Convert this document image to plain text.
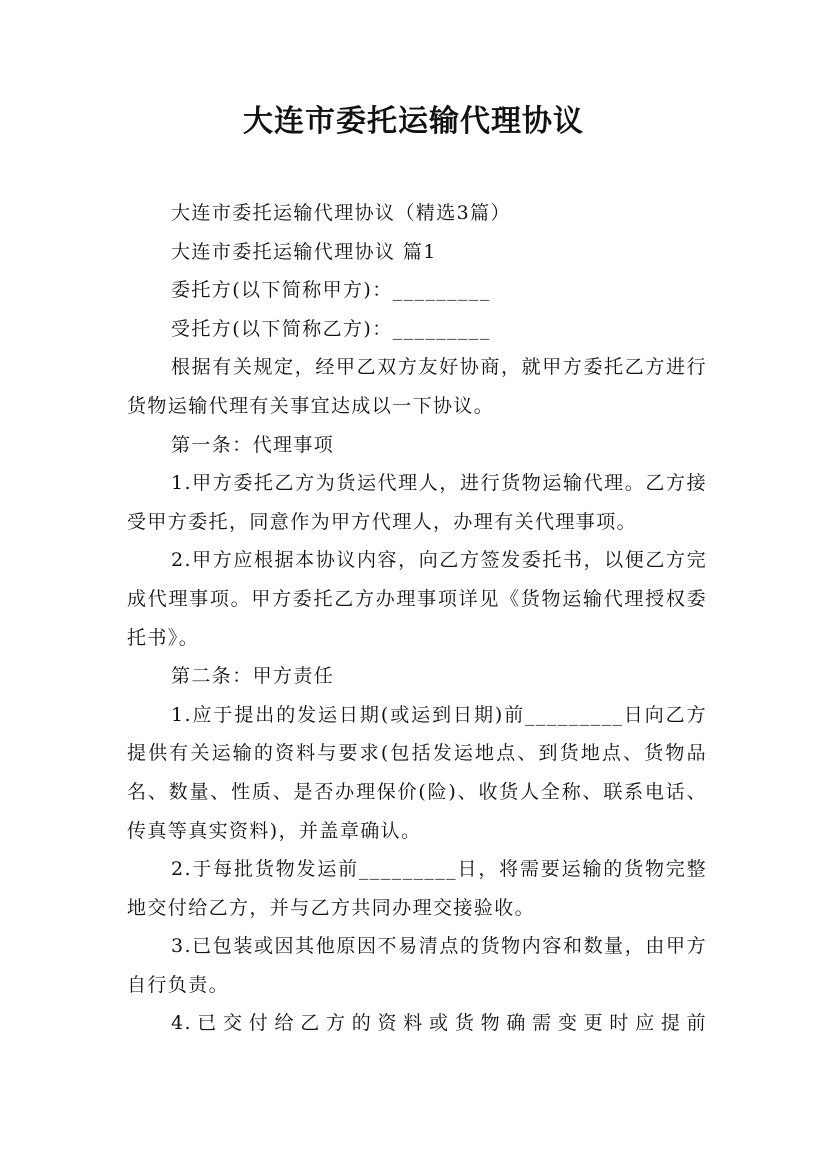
大连市委托运输代理协议

大连市委托运输代理协议（精选3篇）

大连市委托运输代理协议 篇1

委托方(以下简称甲方)：_________

受托方(以下简称乙方)：_________

根据有关规定，经甲乙双方友好协商，就甲方委托乙方进行货物运输代理有关事宜达成以一下协议。

第一条：代理事项

1.甲方委托乙方为货运代理人，进行货物运输代理。乙方接受甲方委托，同意作为甲方代理人，办理有关代理事项。

2.甲方应根据本协议内容，向乙方签发委托书，以便乙方完成代理事项。甲方委托乙方办理事项详见《货物运输代理授权委托书》。

第二条：甲方责任

1.应于提出的发运日期(或运到日期)前_________日向乙方提供有关运输的资料与要求(包括发运地点、到货地点、货物品名、数量、性质、是否办理保价(险)、收货人全称、联系电话、传真等真实资料)，并盖章确认。

2.于每批货物发运前_________日，将需要运输的货物完整地交付给乙方，并与乙方共同办理交接验收。

3.已包装或因其他原因不易清点的货物内容和数量，由甲方自行负责。

4.已交付给乙方的资料或货物确需变更时应提前
